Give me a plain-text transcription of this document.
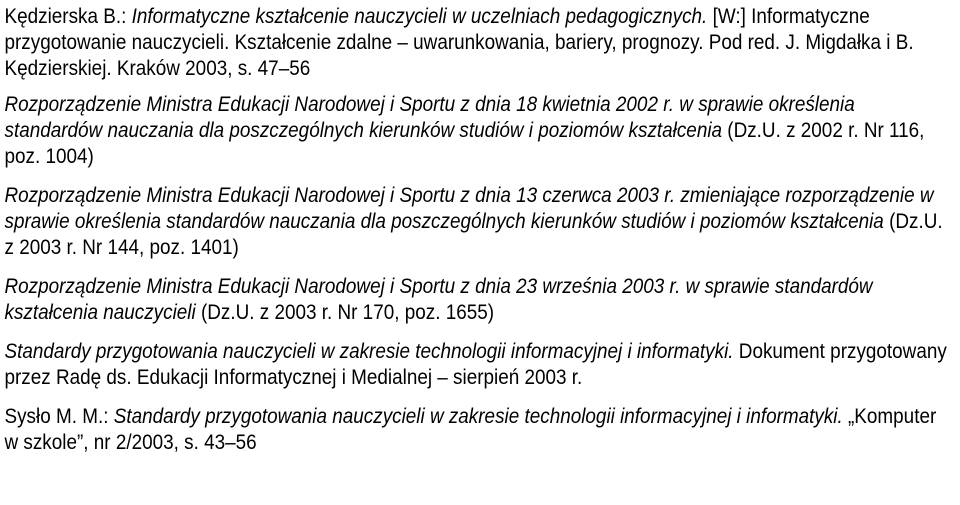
Kędzierska B.: Informatyczne kształcenie nauczycieli w uczelniach pedagogicznych. [W:] Informatyczne przygotowanie nauczycieli. Kształcenie zdalne – uwarunkowania, bariery, prognozy. Pod red. J. Migdałka i B. Kędzierskiej. Kraków 2003, s. 47–56

Rozporządzenie Ministra Edukacji Narodowej i Sportu z dnia 18 kwietnia 2002 r. w sprawie określenia standardów nauczania dla poszczególnych kierunków studiów i poziomów kształcenia (Dz.U. z 2002 r. Nr 116, poz. 1004)

Rozporządzenie Ministra Edukacji Narodowej i Sportu z dnia 13 czerwca 2003 r. zmieniające rozporządzenie w sprawie określenia standardów nauczania dla poszczególnych kierunków studiów i poziomów kształcenia (Dz.U. z 2003 r. Nr 144, poz. 1401)

Rozporządzenie Ministra Edukacji Narodowej i Sportu z dnia 23 września 2003 r. w sprawie standardów kształcenia nauczycieli (Dz.U. z 2003 r. Nr 170, poz. 1655)

Standardy przygotowania nauczycieli w zakresie technologii informacyjnej i informatyki. Dokument przygotowany przez Radę ds. Edukacji Informatycznej i Medialnej – sierpień 2003 r.

Sysło M. M.: Standardy przygotowania nauczycieli w zakresie technologii informacyjnej i informatyki. „Komputer w szkole”, nr 2/2003, s. 43–56
